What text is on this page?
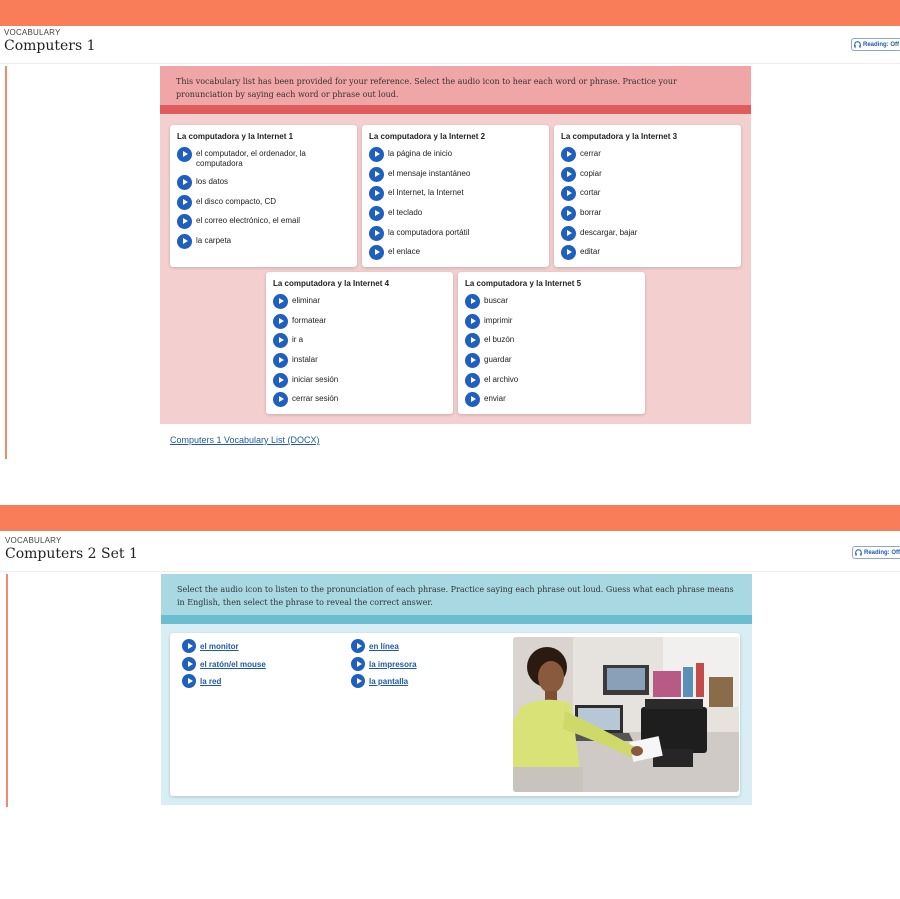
VOCABULARY
Computers 1	Reading: Off
This vocabulary list has been provided for your reference. Select the audio icon to hear each word or phrase. Practice your pronunciation by saying each word or phrase out loud.
La computadora y la Internet 1
el computador, el ordenador, la computadora
los datos
el disco compacto, CD
el correo electrónico, el email
la carpeta
La computadora y la Internet 2
la página de inicio
el mensaje instantáneo
el Internet, la Internet
el teclado
la computadora portátil
el enlace
La computadora y la Internet 3
cerrar
copiar
cortar
borrar
descargar, bajar
editar
La computadora y la Internet 4
eliminar
formatear
ir a
instalar
iniciar sesión
cerrar sesión
La computadora y la Internet 5
buscar
imprimir
el buzón
guardar
el archivo
enviar
Computers 1 Vocabulary List (DOCX)
VOCABULARY
Computers 2 Set 1	Reading: Off
Select the audio icon to listen to the pronunciation of each phrase. Practice saying each phrase out loud. Guess what each phrase means in English, then select the phrase to reveal the correct answer.
el monitor
el ratón/el mouse
la red
en línea
la impresora
la pantalla
